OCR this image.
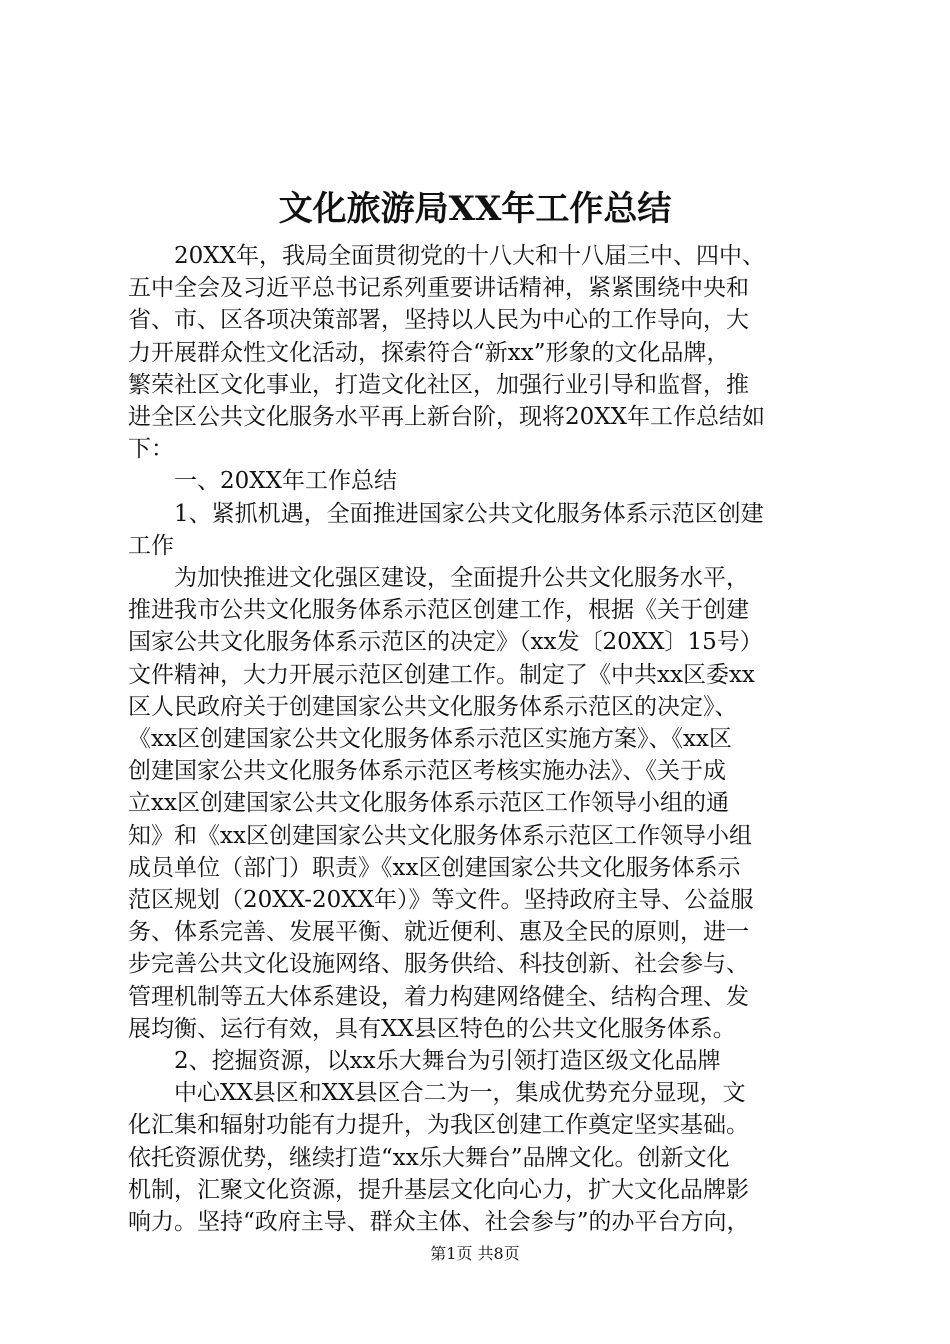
文化旅游局XX年工作总结
　　20XX年，我局全面贯彻党的十八大和十八届三中、四中、
五中全会及习近平总书记系列重要讲话精神，紧紧围绕中央和
省、市、区各项决策部署，坚持以人民为中心的工作导向，大
力开展群众性文化活动，探索符合“新xx”形象的文化品牌，
繁荣社区文化事业，打造文化社区，加强行业引导和监督，推
进全区公共文化服务水平再上新台阶，现将20XX年工作总结如
下：
　　一、20XX年工作总结
　　1、紧抓机遇，全面推进国家公共文化服务体系示范区创建
工作
　　为加快推进文化强区建设，全面提升公共文化服务水平，
推进我市公共文化服务体系示范区创建工作，根据《关于创建
国家公共文化服务体系示范区的决定》（xx发〔20XX〕15号）
文件精神，大力开展示范区创建工作。制定了《中共xx区委xx
区人民政府关于创建国家公共文化服务体系示范区的决定》、
《xx区创建国家公共文化服务体系示范区实施方案》、《xx区
创建国家公共文化服务体系示范区考核实施办法》、《关于成
立xx区创建国家公共文化服务体系示范区工作领导小组的通
知》和《xx区创建国家公共文化服务体系示范区工作领导小组
成员单位（部门）职责》《xx区创建国家公共文化服务体系示
范区规划（20XX-20XX年）》等文件。坚持政府主导、公益服
务、体系完善、发展平衡、就近便利、惠及全民的原则，进一
步完善公共文化设施网络、服务供给、科技创新、社会参与、
管理机制等五大体系建设，着力构建网络健全、结构合理、发
展均衡、运行有效，具有XX县区特色的公共文化服务体系。
　　2、挖掘资源，以xx乐大舞台为引领打造区级文化品牌
　　中心XX县区和XX县区合二为一，集成优势充分显现，文
化汇集和辐射功能有力提升，为我区创建工作奠定坚实基础。
依托资源优势，继续打造“xx乐大舞台”品牌文化。创新文化
机制，汇聚文化资源，提升基层文化向心力，扩大文化品牌影
第1页 共8页
响力。坚持“政府主导、群众主体、社会参与”的办平台方向，
